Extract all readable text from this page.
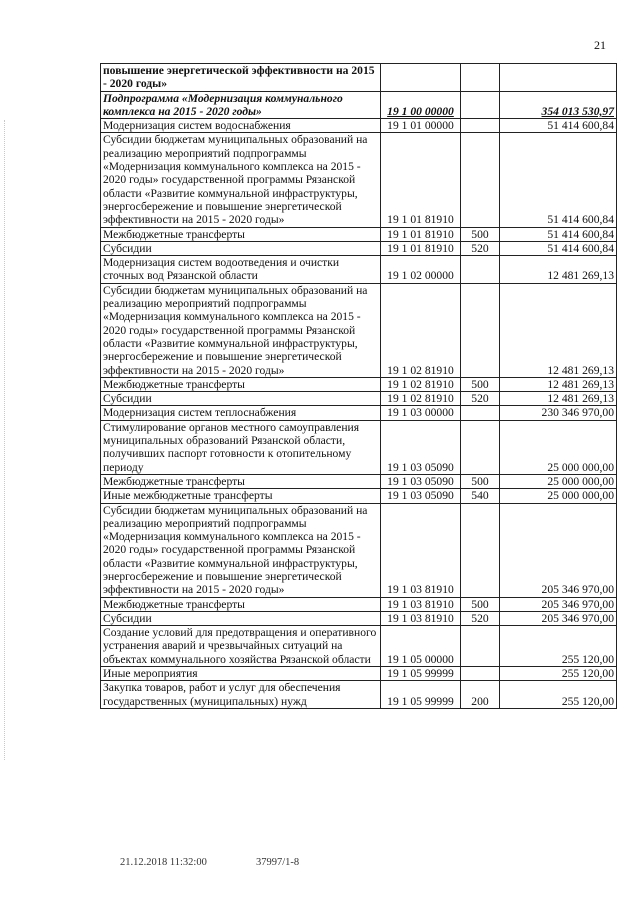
21
повышение энергетической эффективности на 2015 - 2020 годы»			
Подпрограмма «Модернизация коммунального комплекса на 2015 - 2020 годы»	19 1 00 00000		354 013 530,97
Модернизация систем водоснабжения	19 1 01 00000		51 414 600,84
Субсидии бюджетам муниципальных образований на реализацию мероприятий подпрограммы «Модернизация коммунального комплекса на 2015 - 2020 годы» государственной программы Рязанской области «Развитие коммунальной инфраструктуры, энергосбережение и повышение энергетической эффективности на 2015 - 2020 годы»	19 1 01 81910		51 414 600,84
Межбюджетные трансферты	19 1 01 81910	500	51 414 600,84
Субсидии	19 1 01 81910	520	51 414 600,84
Модернизация систем водоотведения и очистки сточных вод Рязанской области	19 1 02 00000		12 481 269,13
Субсидии бюджетам муниципальных образований на реализацию мероприятий подпрограммы «Модернизация коммунального комплекса на 2015 - 2020 годы» государственной программы Рязанской области «Развитие коммунальной инфраструктуры, энергосбережение и повышение энергетической эффективности на 2015 - 2020 годы»	19 1 02 81910		12 481 269,13
Межбюджетные трансферты	19 1 02 81910	500	12 481 269,13
Субсидии	19 1 02 81910	520	12 481 269,13
Модернизация систем теплоснабжения	19 1 03 00000		230 346 970,00
Стимулирование органов местного самоуправления муниципальных образований Рязанской области, получивших паспорт готовности к отопительному периоду	19 1 03 05090		25 000 000,00
Межбюджетные трансферты	19 1 03 05090	500	25 000 000,00
Иные межбюджетные трансферты	19 1 03 05090	540	25 000 000,00
Субсидии бюджетам муниципальных образований на реализацию мероприятий подпрограммы «Модернизация коммунального комплекса на 2015 - 2020 годы» государственной программы Рязанской области «Развитие коммунальной инфраструктуры, энергосбережение и повышение энергетической эффективности на 2015 - 2020 годы»	19 1 03 81910		205 346 970,00
Межбюджетные трансферты	19 1 03 81910	500	205 346 970,00
Субсидии	19 1 03 81910	520	205 346 970,00
Создание условий для предотвращения и оперативного устранения аварий и чрезвычайных ситуаций на объектах коммунального хозяйства Рязанской области	19 1 05 00000		255 120,00
Иные мероприятия	19 1 05 99999		255 120,00
Закупка товаров, работ и услуг для обеспечения государственных (муниципальных) нужд	19 1 05 99999	200	255 120,00
21.12.2018 11:32:00	37997/1-8
